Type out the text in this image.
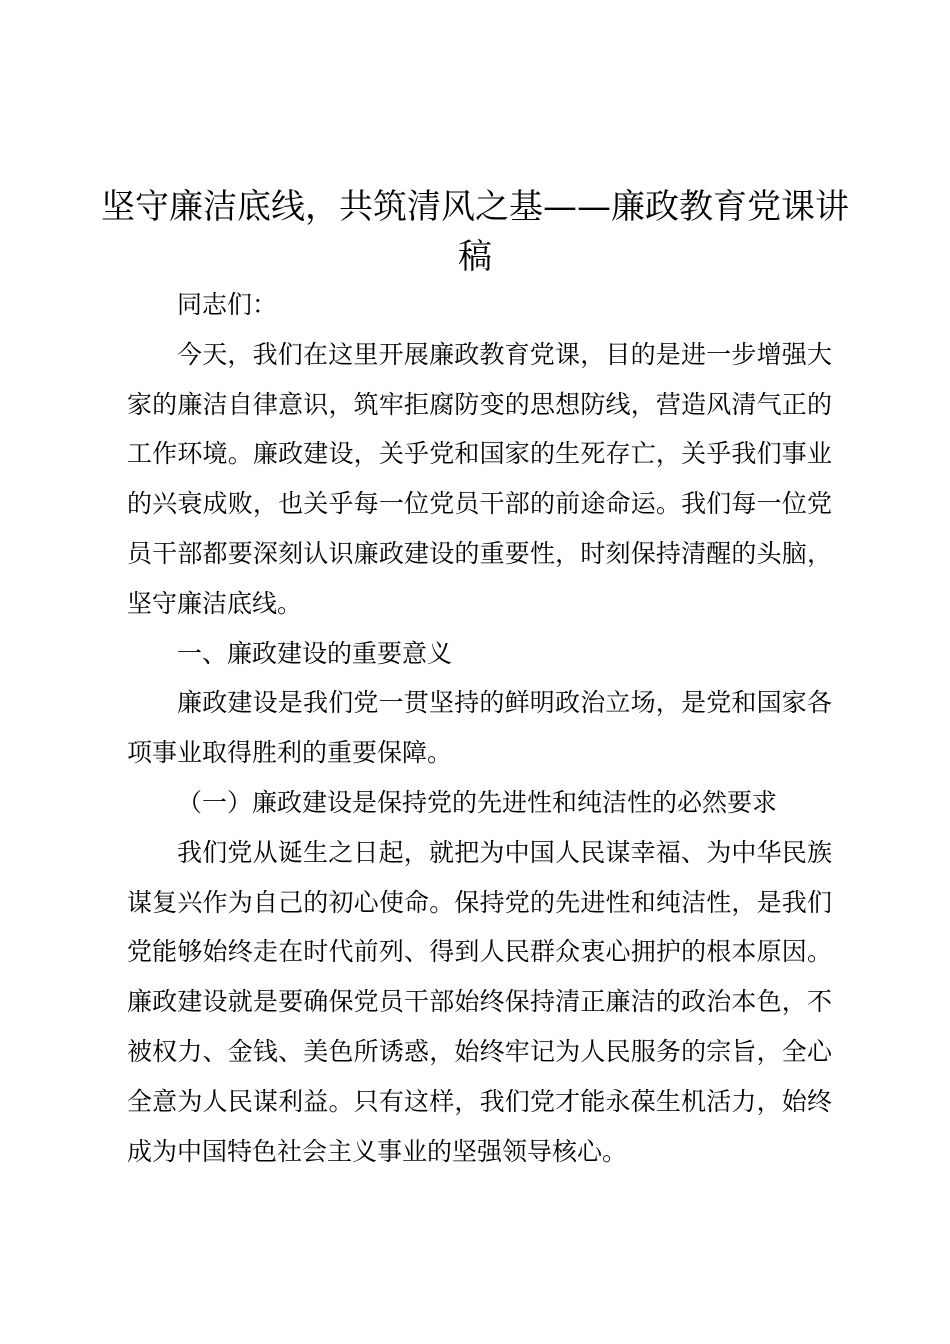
坚守廉洁底线，共筑清风之基——廉政教育党课讲稿

同志们：

今天，我们在这里开展廉政教育党课，目的是进一步增强大家的廉洁自律意识，筑牢拒腐防变的思想防线，营造风清气正的工作环境。廉政建设，关乎党和国家的生死存亡，关乎我们事业的兴衰成败，也关乎每一位党员干部的前途命运。我们每一位党员干部都要深刻认识廉政建设的重要性，时刻保持清醒的头脑，坚守廉洁底线。

一、廉政建设的重要意义

廉政建设是我们党一贯坚持的鲜明政治立场，是党和国家各项事业取得胜利的重要保障。

（一）廉政建设是保持党的先进性和纯洁性的必然要求

我们党从诞生之日起，就把为中国人民谋幸福、为中华民族谋复兴作为自己的初心使命。保持党的先进性和纯洁性，是我们党能够始终走在时代前列、得到人民群众衷心拥护的根本原因。廉政建设就是要确保党员干部始终保持清正廉洁的政治本色，不被权力、金钱、美色所诱惑，始终牢记为人民服务的宗旨，全心全意为人民谋利益。只有这样，我们党才能永葆生机活力，始终成为中国特色社会主义事业的坚强领导核心。
